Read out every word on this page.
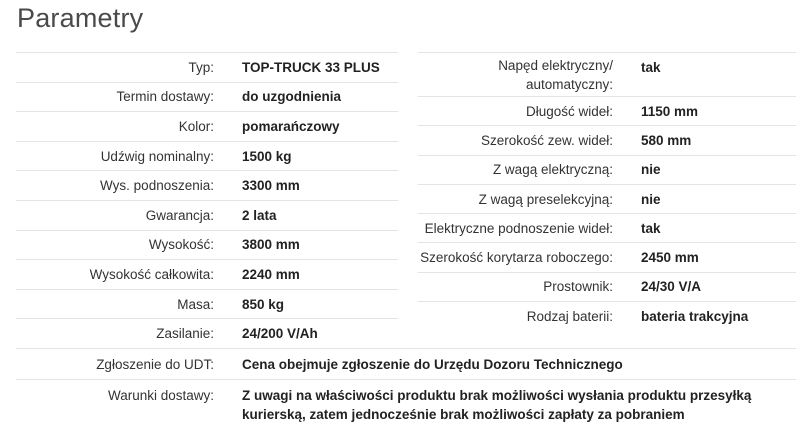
Parametry
Typ:	TOP-TRUCK 33 PLUS
Termin dostawy:	do uzgodnienia
Kolor:	pomarańczowy
Udźwig nominalny:	1500 kg
Wys. podnoszenia:	3300 mm
Gwarancja:	2 lata
Wysokość:	3800 mm
Wysokość całkowita:	2240 mm
Masa:	850 kg
Zasilanie:	24/200 V/Ah
Napęd elektryczny/ automatyczny:	tak
Długość wideł:	1150 mm
Szerokość zew. wideł:	580 mm
Z wagą elektryczną:	nie
Z wagą preselekcyjną:	nie
Elektryczne podnoszenie wideł:	tak
Szerokość korytarza roboczego:	2450 mm
Prostownik:	24/30 V/A
Rodzaj baterii:	bateria trakcyjna
Zgłoszenie do UDT:	Cena obejmuje zgłoszenie do Urzędu Dozoru Technicznego
Warunki dostawy:	Z uwagi na właściwości produktu brak możliwości wysłania produktu przesyłką kurierską, zatem jednocześnie brak możliwości zapłaty za pobraniem
